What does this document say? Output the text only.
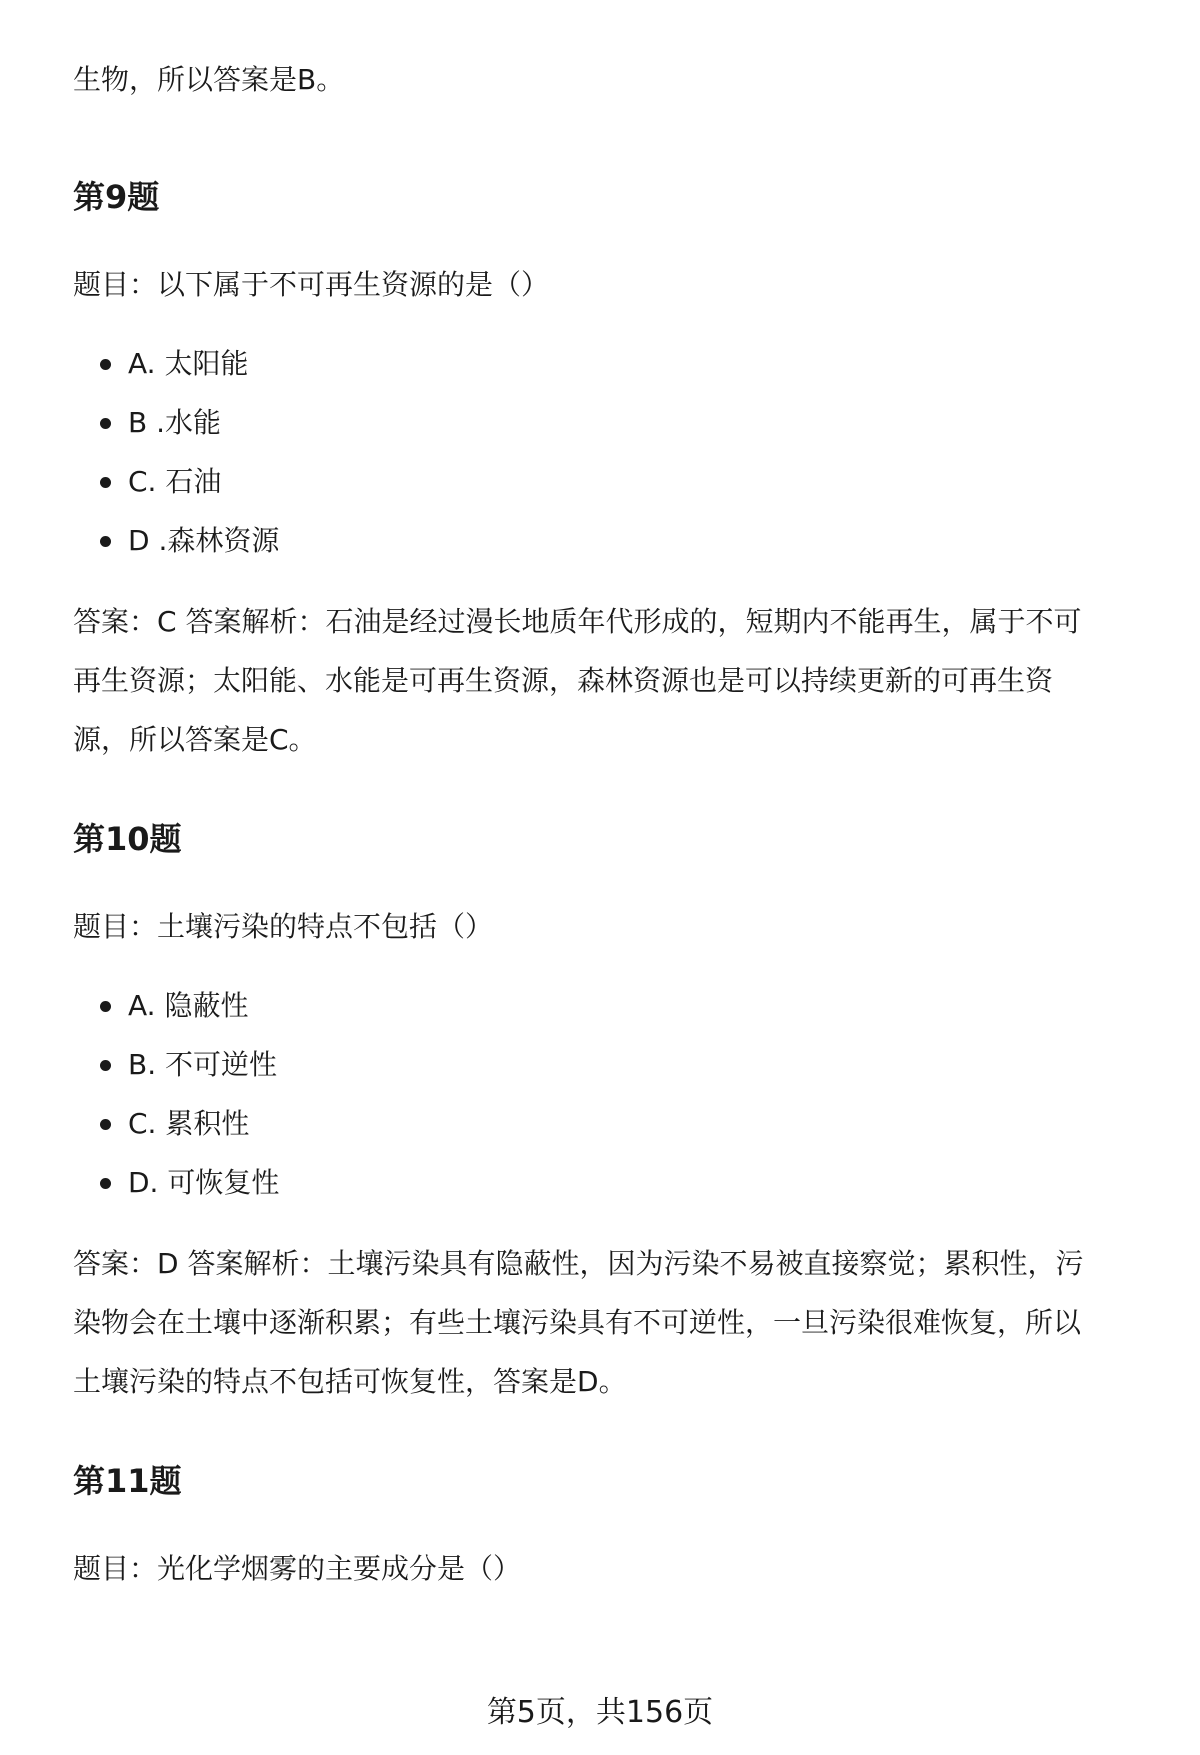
生物，所以答案是B。

第9题

题目：以下属于不可再生资源的是（）

A. 太阳能
B .水能
C. 石油
D .森林资源

答案：C 答案解析：石油是经过漫长地质年代形成的，短期内不能再生，属于不可

再生资源；太阳能、水能是可再生资源，森林资源也是可以持续更新的可再生资

源，所以答案是C。

第10题

题目：土壤污染的特点不包括（）

A. 隐蔽性
B. 不可逆性
C. 累积性
D. 可恢复性

答案：D 答案解析：土壤污染具有隐蔽性，因为污染不易被直接察觉；累积性，污

染物会在土壤中逐渐积累；有些土壤污染具有不可逆性，一旦污染很难恢复，所以

土壤污染的特点不包括可恢复性，答案是D。

第11题

题目：光化学烟雾的主要成分是（）

第5页，共156页
